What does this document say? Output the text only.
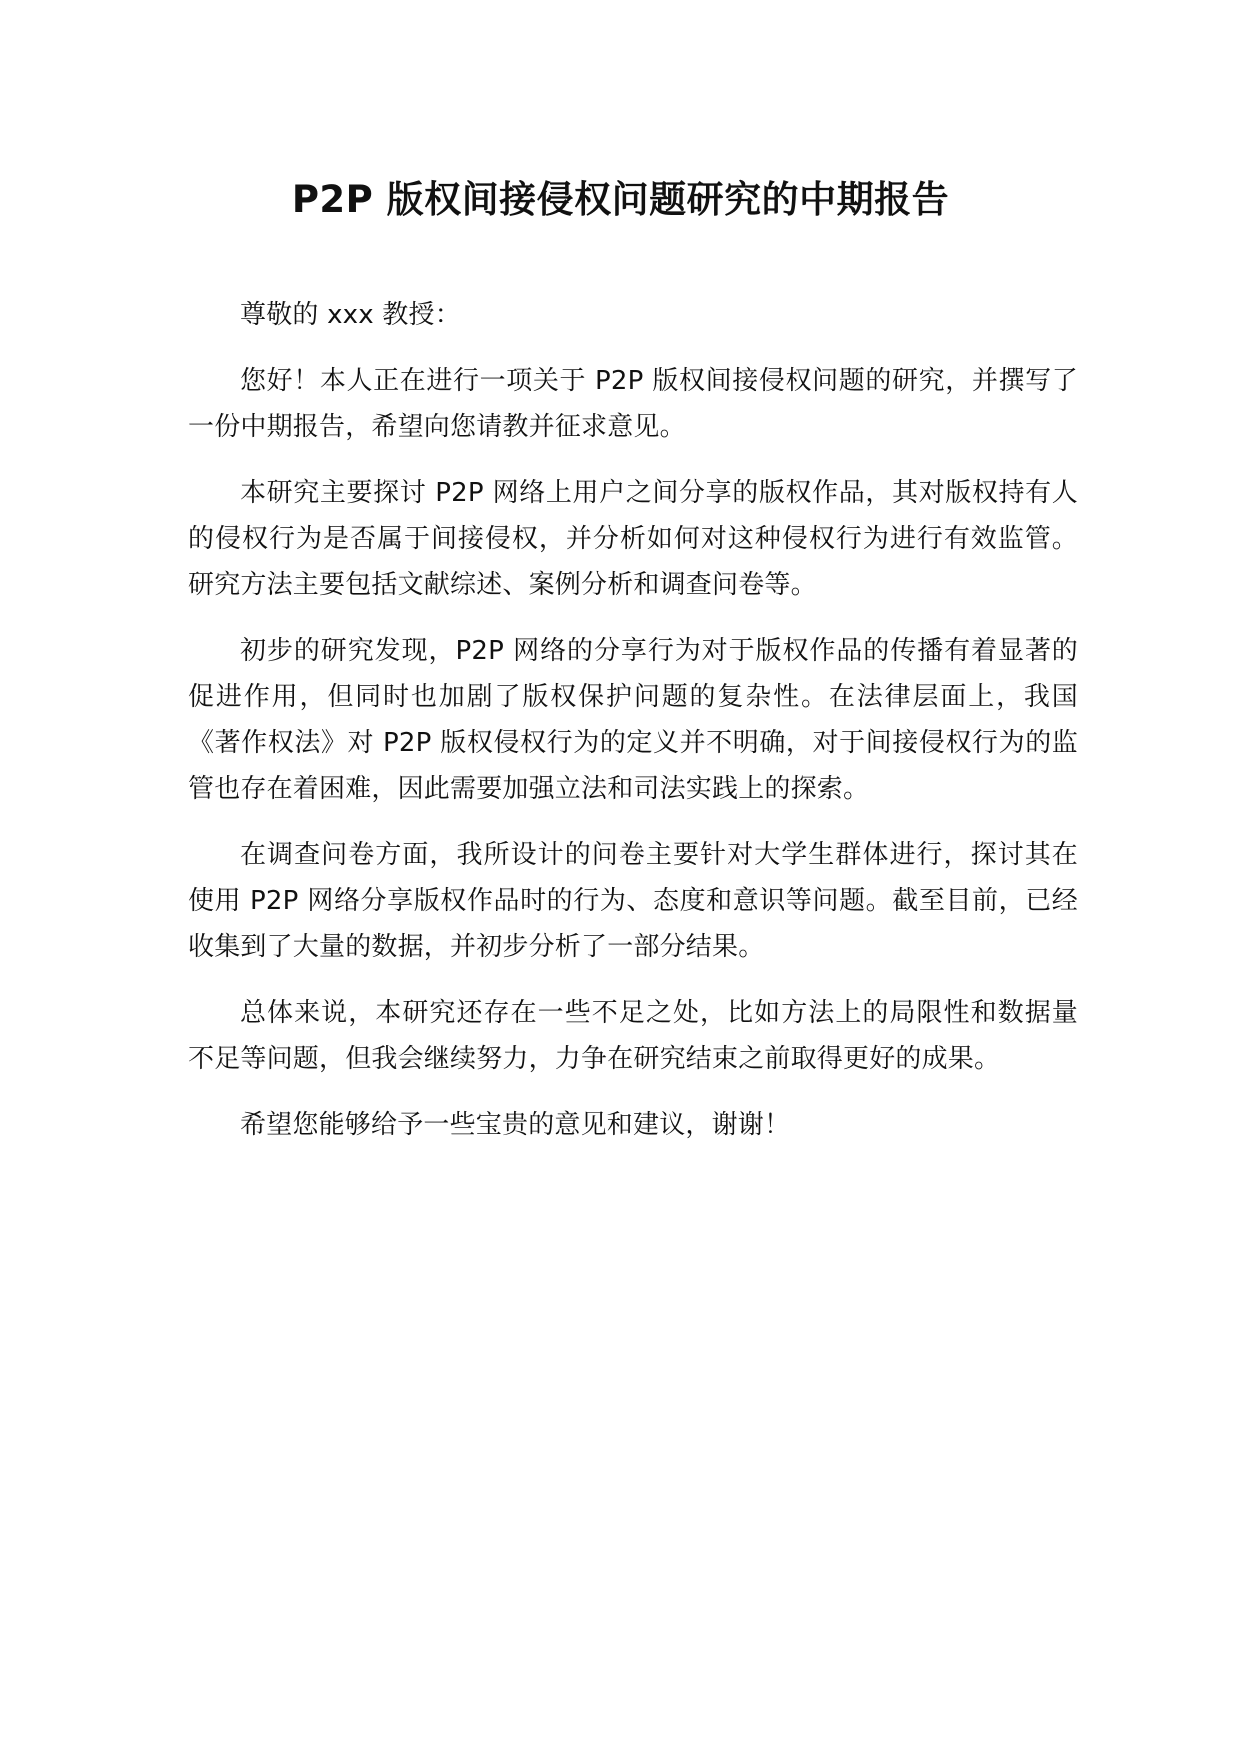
P2P 版权间接侵权问题研究的中期报告

尊敬的 xxx 教授：

您好！本人正在进行一项关于 P2P 版权间接侵权问题的研究，并撰写了一份中期报告，希望向您请教并征求意见。

本研究主要探讨 P2P 网络上用户之间分享的版权作品，其对版权持有人的侵权行为是否属于间接侵权，并分析如何对这种侵权行为进行有效监管。研究方法主要包括文献综述、案例分析和调查问卷等。

初步的研究发现，P2P 网络的分享行为对于版权作品的传播有着显著的促进作用，但同时也加剧了版权保护问题的复杂性。在法律层面上，我国《著作权法》对 P2P 版权侵权行为的定义并不明确，对于间接侵权行为的监管也存在着困难，因此需要加强立法和司法实践上的探索。

在调查问卷方面，我所设计的问卷主要针对大学生群体进行，探讨其在使用 P2P 网络分享版权作品时的行为、态度和意识等问题。截至目前，已经收集到了大量的数据，并初步分析了一部分结果。

总体来说，本研究还存在一些不足之处，比如方法上的局限性和数据量不足等问题，但我会继续努力，力争在研究结束之前取得更好的成果。

希望您能够给予一些宝贵的意见和建议，谢谢！
